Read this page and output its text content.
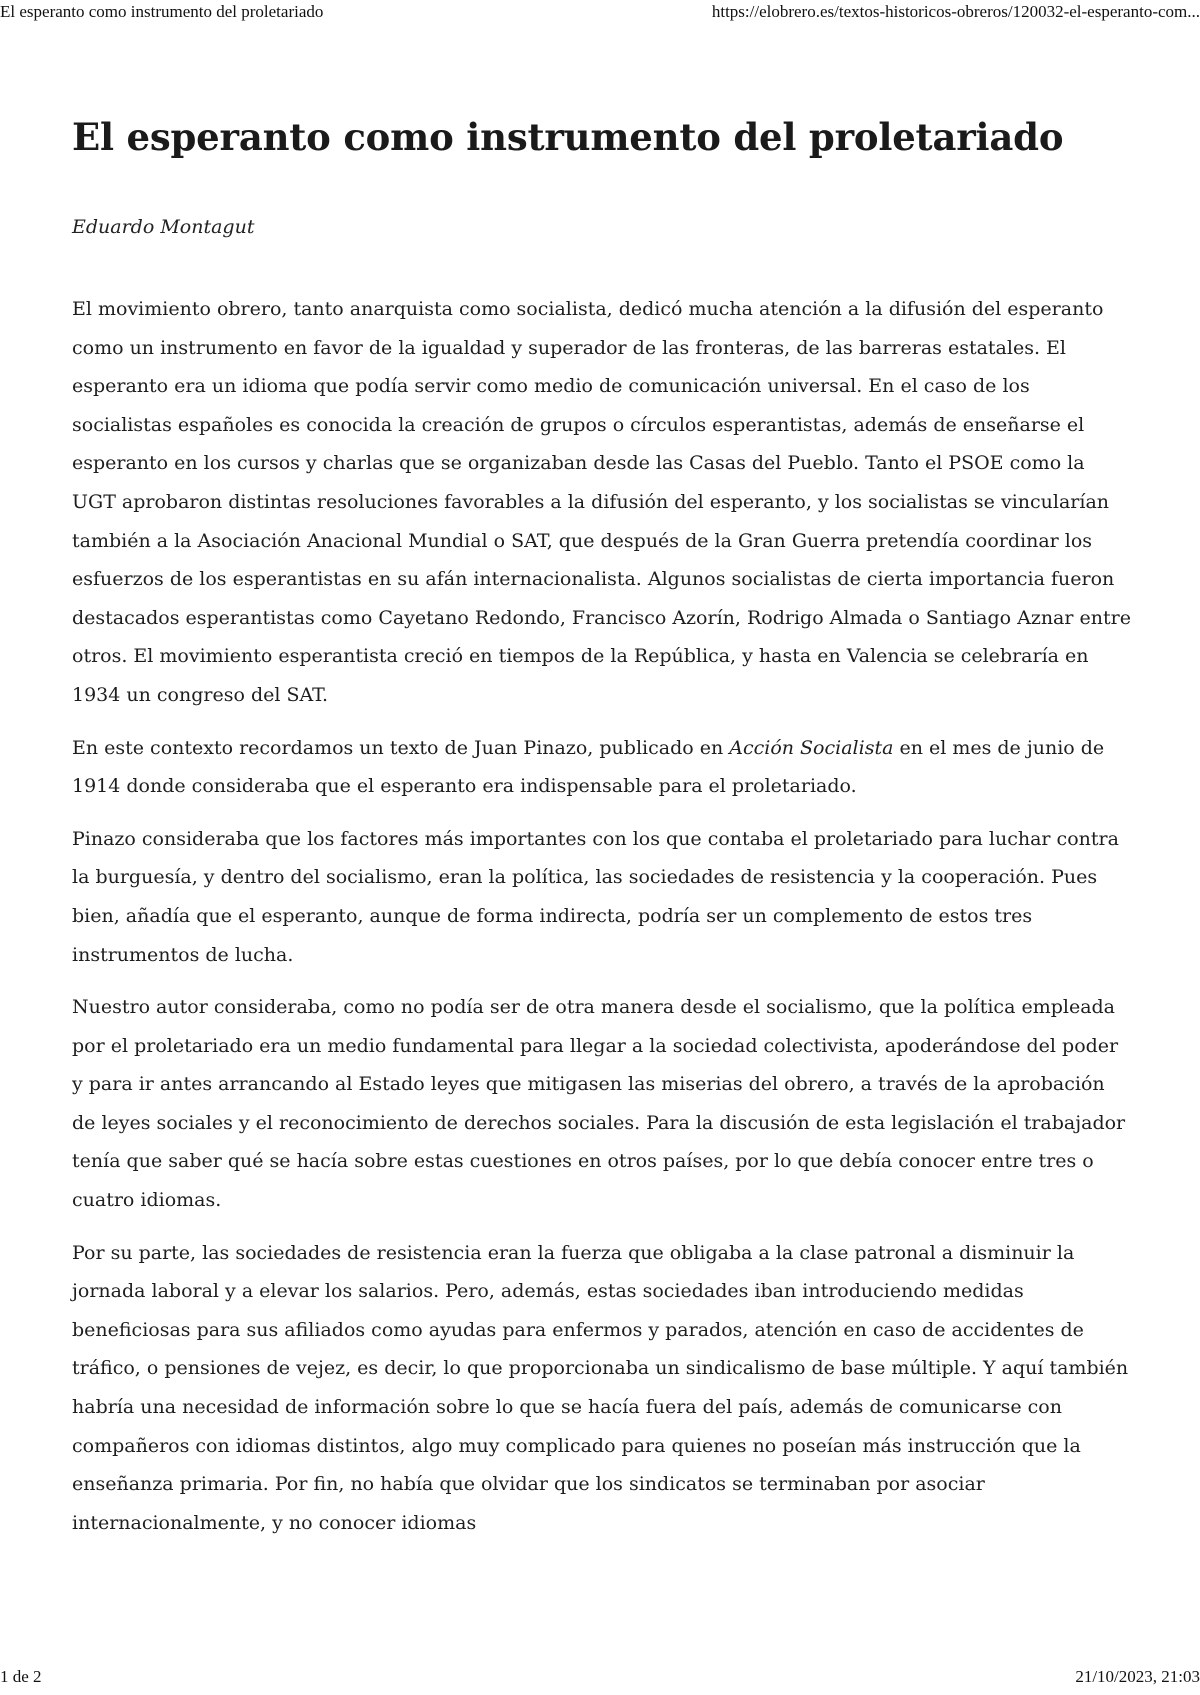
El esperanto como instrumento del proletariado	https://elobrero.es/textos-historicos-obreros/120032-el-esperanto-com...
El esperanto como instrumento del proletariado
Eduardo Montagut

El movimiento obrero, tanto anarquista como socialista, dedicó mucha atención a la difusión del esperanto como un instrumento en favor de la igualdad y superador de las fronteras, de las barreras estatales. El esperanto era un idioma que podía servir como medio de comunicación universal. En el caso de los socialistas españoles es conocida la creación de grupos o círculos esperantistas, además de enseñarse el esperanto en los cursos y charlas que se organizaban desde las Casas del Pueblo. Tanto el PSOE como la UGT aprobaron distintas resoluciones favorables a la difusión del esperanto, y los socialistas se vincularían también a la Asociación Anacional Mundial o SAT, que después de la Gran Guerra pretendía coordinar los esfuerzos de los esperantistas en su afán internacionalista. Algunos socialistas de cierta importancia fueron destacados esperantistas como Cayetano Redondo, Francisco Azorín, Rodrigo Almada o Santiago Aznar entre otros. El movimiento esperantista creció en tiempos de la República, y hasta en Valencia se celebraría en 1934 un congreso del SAT.

En este contexto recordamos un texto de Juan Pinazo, publicado en Acción Socialista en el mes de junio de 1914 donde consideraba que el esperanto era indispensable para el proletariado.

Pinazo consideraba que los factores más importantes con los que contaba el proletariado para luchar contra la burguesía, y dentro del socialismo, eran la política, las sociedades de resistencia y la cooperación. Pues bien, añadía que el esperanto, aunque de forma indirecta, podría ser un complemento de estos tres instrumentos de lucha.

Nuestro autor consideraba, como no podía ser de otra manera desde el socialismo, que la política empleada por el proletariado era un medio fundamental para llegar a la sociedad colectivista, apoderándose del poder y para ir antes arrancando al Estado leyes que mitigasen las miserias del obrero, a través de la aprobación de leyes sociales y el reconocimiento de derechos sociales. Para la discusión de esta legislación el trabajador tenía que saber qué se hacía sobre estas cuestiones en otros países, por lo que debía conocer entre tres o cuatro idiomas.

Por su parte, las sociedades de resistencia eran la fuerza que obligaba a la clase patronal a disminuir la jornada laboral y a elevar los salarios. Pero, además, estas sociedades iban introduciendo medidas beneficiosas para sus afiliados como ayudas para enfermos y parados, atención en caso de accidentes de tráfico, o pensiones de vejez, es decir, lo que proporcionaba un sindicalismo de base múltiple. Y aquí también habría una necesidad de información sobre lo que se hacía fuera del país, además de comunicarse con compañeros con idiomas distintos, algo muy complicado para quienes no poseían más instrucción que la enseñanza primaria. Por fin, no había que olvidar que los sindicatos se terminaban por asociar internacionalmente, y no conocer idiomas

1 de 2	21/10/2023, 21:03
